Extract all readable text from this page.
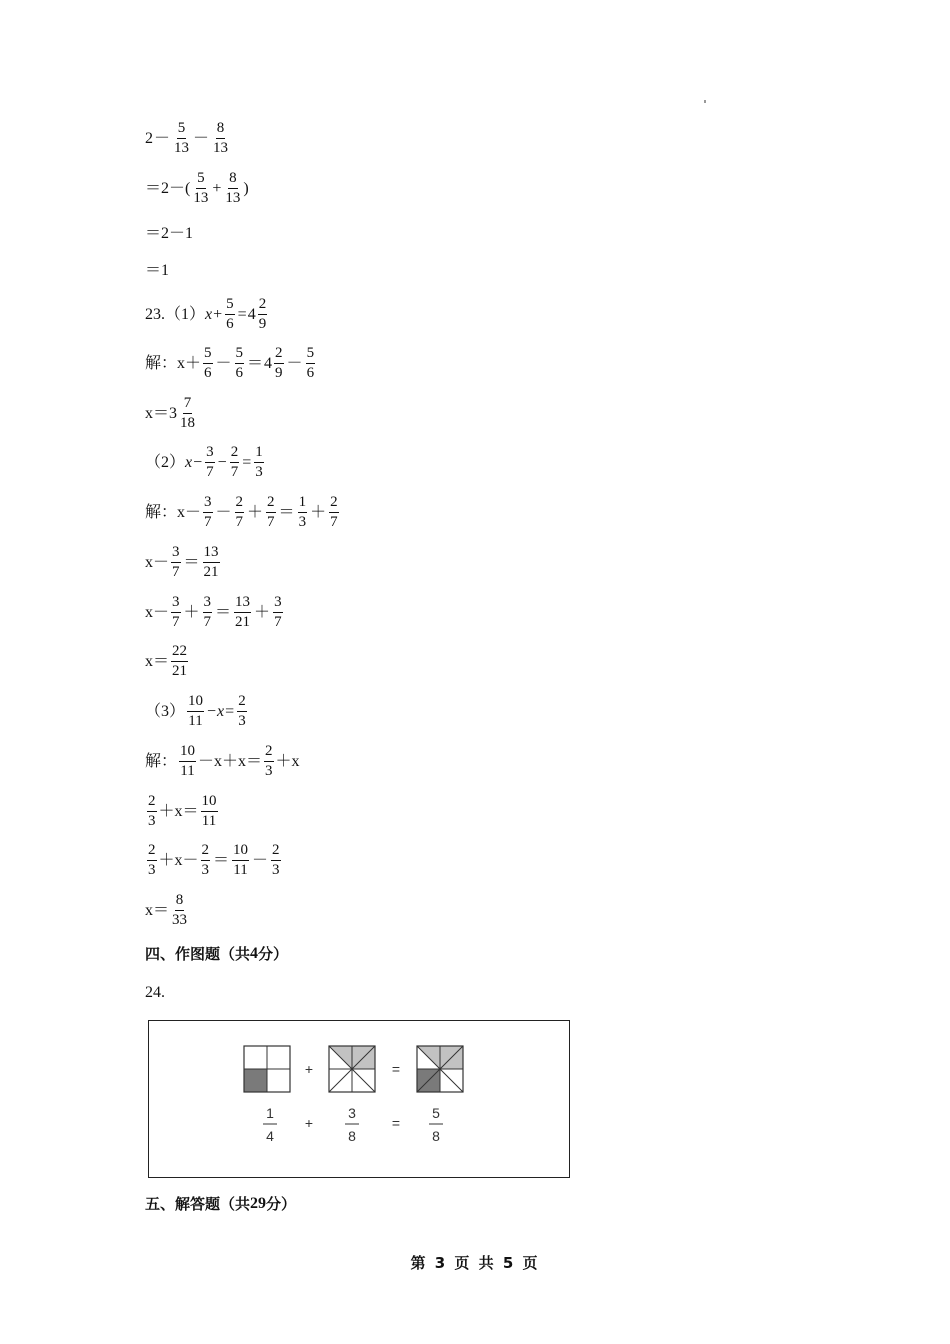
$2 - \frac{5}{13} - \frac{8}{13}$
$=2-( \frac{5}{13} + \frac{8}{13}$ )
＝2－1
＝1
23.（1） $x + \frac{5}{6} = 4 \frac{2}{9}$
解：$x+ \frac{5}{6} - \frac{5}{6} = 4 \frac{2}{9} - \frac{5}{6}$
$x=3 \frac{7}{18}$
（2） $x - \frac{3}{7} - \frac{2}{7} = \frac{1}{3}$
解：$x- \frac{3}{7} - \frac{2}{7} + \frac{2}{7} = \frac{1}{3} + \frac{2}{7}$
$x- \frac{3}{7} = \frac{13}{21}$
$x- \frac{3}{7} + \frac{3}{7} = \frac{13}{21} + \frac{3}{7}$
$x= \frac{22}{21}$
$(3) \frac{10}{11} - x = \frac{2}{3}$
解： $\frac{10}{11} -x+x= \frac{2}{3} +x$
$\frac{2}{3} +x= \frac{10}{11}$
$\frac{2}{3} +x- \frac{2}{3} = \frac{10}{11} - \frac{2}{3}$
$x= \frac{8}{33}$
四、作图题（共 4 分）
24.
+	=
1
4
+
3
8
=
5
8
五、解答题（共 29 分）
第 3 页 共 5 页
